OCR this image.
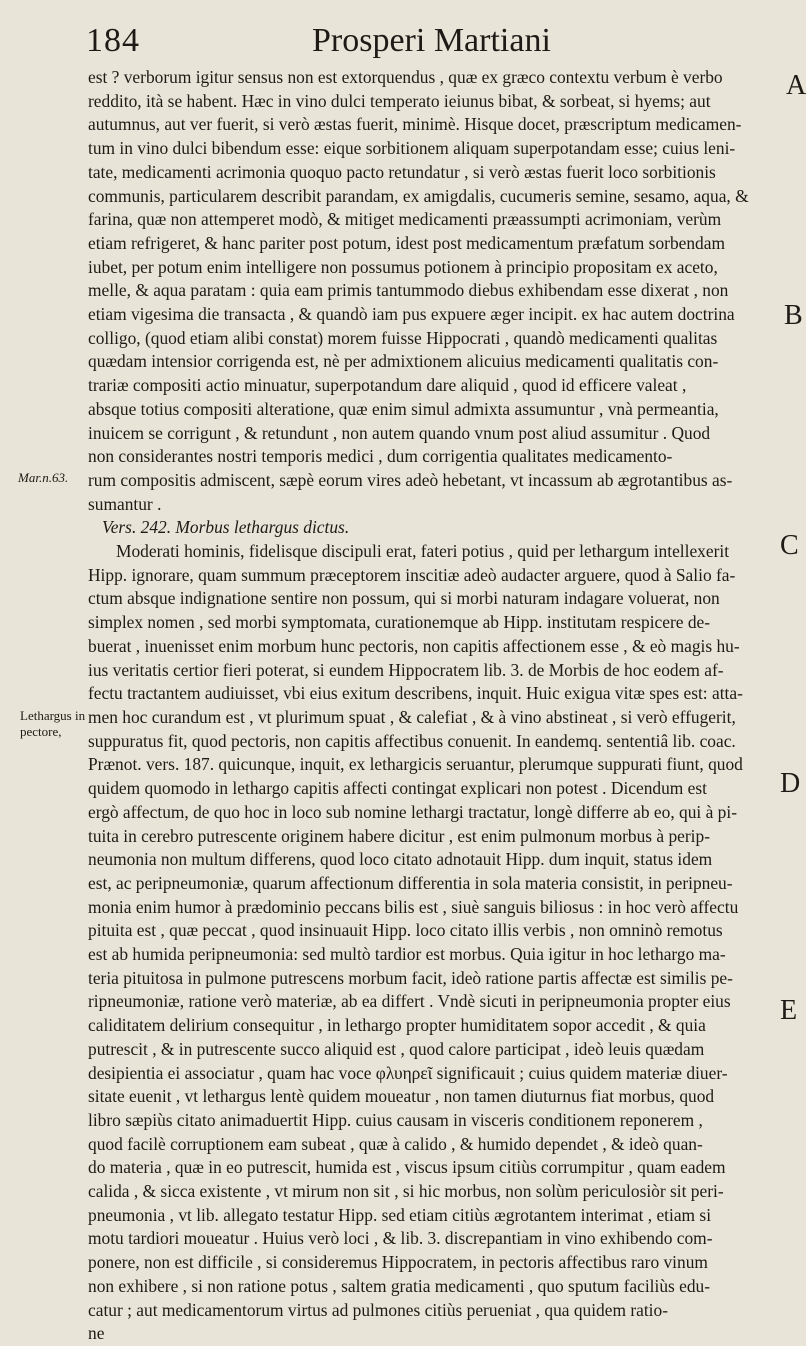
184	Prosperi Martiani
A
B
C
D
E
Mar.n.63.
Lethargus in
pectore,
est ? verborum igitur sensus non est extorquendus , quæ ex græco contextu verbum è verbo
reddito, ità se habent. Hæc in vino dulci temperato ieiunus bibat, & sorbeat, si hyems; aut
autumnus, aut ver fuerit, si verò æstas fuerit, minimè. Hisque docet, præscriptum medicamen-
tum in vino dulci bibendum esse: eique sorbitionem aliquam superpotandam esse; cuius leni-
tate, medicamenti acrimonia quoquo pacto retundatur , si verò æstas fuerit loco sorbitionis
communis, particularem describit parandam, ex amigdalis, cucumeris semine, sesamo, aqua, &
farina, quæ non attemperet modò, & mitiget medicamenti præassumpti acrimoniam, verùm
etiam refrigeret, & hanc pariter post potum, idest post medicamentum præfatum sorbendam
iubet, per potum enim intelligere non possumus potionem à principio propositam ex aceto,
melle, & aqua paratam : quia eam primis tantummodo diebus exhibendam esse dixerat , non
etiam vigesima die transacta , & quandò iam pus expuere æger incipit. ex hac autem doctrina
colligo, (quod etiam alibi constat) morem fuisse Hippocrati , quandò medicamenti qualitas
quædam intensior corrigenda est, nè per admixtionem alicuius medicamenti qualitatis con-
trariæ compositi actio minuatur, superpotandum dare aliquid , quod id efficere valeat ,
absque totius compositi alteratione, quæ enim simul admixta assumuntur , vnà permeantia,
inuicem se corrigunt , & retundunt , non autem quando vnum post aliud assumitur . Quod
non considerantes nostri temporis medici , dum corrigentia qualitates medicamento-
rum compositis admiscent, sæpè eorum vires adeò hebetant, vt incassum ab ægrotantibus as-
sumantur .
Vers. 242. Morbus lethargus dictus.
Moderati hominis, fidelisque discipuli erat, fateri potius , quid per lethargum intellexerit
Hipp. ignorare, quam summum præceptorem inscitiæ adeò audacter arguere, quod à Salio fa-
ctum absque indignatione sentire non possum, qui si morbi naturam indagare voluerat, non
simplex nomen , sed morbi symptomata, curationemque ab Hipp. institutam respicere de-
buerat , inuenisset enim morbum hunc pectoris, non capitis affectionem esse , & eò magis hu-
ius veritatis certior fieri poterat, si eundem Hippocratem lib. 3. de Morbis de hoc eodem af-
fectu tractantem audiuisset, vbi eius exitum describens, inquit. Huic exigua vitæ spes est: attа-
men hoc curandum est , vt plurimum spuat , & calefiat , & à vino abstineat , si verò effugerit,
suppuratus fit, quod pectoris, non capitis affectibus conuenit. In eandemq. sententiâ lib. coac.
Prænot. vers. 187. quicunque, inquit, ex lethargicis seruantur, plerumque suppurati fiunt, quod
quidem quomodo in lethargo capitis affecti contingat explicari non potest . Dicendum est
ergò affectum, de quo hoc in loco sub nomine lethargi tractatur, longè differre ab eo, qui à pi-
tuita in cerebro putrescente originem habere dicitur , est enim pulmonum morbus à perip-
neumonia non multum differens, quod loco citato adnotauit Hipp. dum inquit, status idem
est, ac peripneumoniæ, quarum affectionum differentia in sola materia consistit, in peripneu-
monia enim humor à prædominio peccans bilis est , siuè sanguis biliosus : in hoc verò affectu
pituita est , quæ peccat , quod insinuauit Hipp. loco citato illis verbis , non omninò remotus
est ab humida peripneumonia: sed multò tardior est morbus. Quia igitur in hoc lethargo ma-
teria pituitosa in pulmone putrescens morbum facit, ideò ratione partis affectæ est similis pe-
ripneumoniæ, ratione verò materiæ, ab ea differt . Vndè sicuti in peripneumonia propter eius
caliditatem delirium consequitur , in lethargo propter humiditatem sopor accedit , & quia
putrescit , & in putrescente succo aliquid est , quod calore participat , ideò leuis quædam
desipientia ei associatur , quam hac voce φλυηρεῖ significauit ; cuius quidem materiæ diuer-
sitate euenit , vt lethargus lentè quidem moueatur , non tamen diuturnus fiat morbus, quod
libro sæpiùs citato animaduertit Hipp. cuius causam in visceris conditionem reponerem ,
quod facilè corruptionem eam subeat , quæ à calido , & humido dependet , & ideò quan-
do materia , quæ in eo putrescit, humida est , viscus ipsum citiùs corrumpitur , quam eadem
calida , & sicca existente , vt mirum non sit , si hic morbus, non solùm periculosiòr sit peri-
pneumonia , vt lib. allegato testatur Hipp. sed etiam citiùs ægrotantem interimat , etiam si
motu tardiori moueatur . Huius verò loci , & lib. 3. discrepantiam in vino exhibendo com-
ponere, non est difficile , si consideremus Hippocratem, in pectoris affectibus raro vinum
non exhibere , si non ratione potus , saltem gratia medicamenti , quo sputum faciliùs edu-
catur ; aut medicamentorum virtus ad pulmones citiùs perueniat , qua quidem ratio-
ne
